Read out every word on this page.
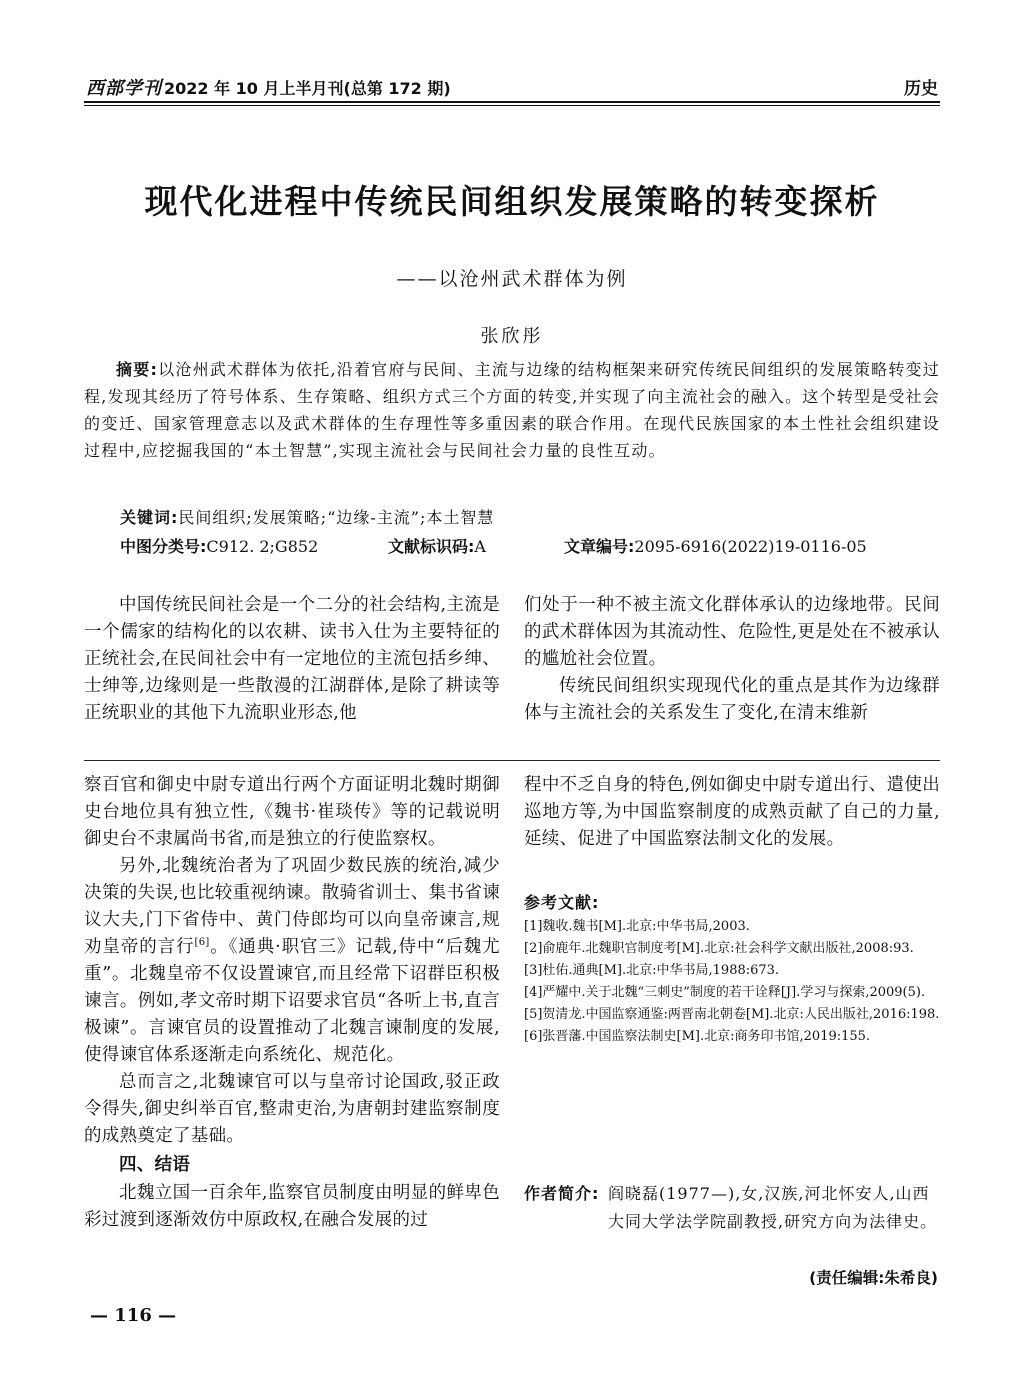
西部学刊 2022 年 10 月上半月刊(总第 172 期)	历史
现代化进程中传统民间组织发展策略的转变探析
——以沧州武术群体为例
张欣彤
摘要:以沧州武术群体为依托,沿着官府与民间、主流与边缘的结构框架来研究传统民间组织的发展策略转变过程,发现其经历了符号体系、生存策略、组织方式三个方面的转变,并实现了向主流社会的融入。这个转型是受社会的变迁、国家管理意志以及武术群体的生存理性等多重因素的联合作用。在现代民族国家的本土性社会组织建设过程中,应挖掘我国的“本土智慧”,实现主流社会与民间社会力量的良性互动。
关键词:民间组织;发展策略;“边缘-主流”;本土智慧
中图分类号:C912. 2;G852	文献标识码:A	文章编号:2095-6916(2022)19-0116-05

中国传统民间社会是一个二分的社会结构,主流是一个儒家的结构化的以农耕、读书入仕为主要特征的正统社会,在民间社会中有一定地位的主流包括乡绅、士绅等,边缘则是一些散漫的江湖群体,是除了耕读等正统职业的其他下九流职业形态,他

们处于一种不被主流文化群体承认的边缘地带。民间的武术群体因为其流动性、危险性,更是处在不被承认的尴尬社会位置。

传统民间组织实现现代化的重点是其作为边缘群体与主流社会的关系发生了变化,在清末维新

察百官和御史中尉专道出行两个方面证明北魏时期御史台地位具有独立性,《魏书·崔琰传》等的记载说明御史台不隶属尚书省,而是独立的行使监察权。

另外,北魏统治者为了巩固少数民族的统治,减少决策的失误,也比较重视纳谏。散骑省训士、集书省谏议大夫,门下省侍中、黄门侍郎均可以向皇帝谏言,规劝皇帝的言行[6]。《通典·职官三》记载,侍中“后魏尤重”。北魏皇帝不仅设置谏官,而且经常下诏群臣积极谏言。例如,孝文帝时期下诏要求官员“各听上书,直言极谏”。言谏官员的设置推动了北魏言谏制度的发展,使得谏官体系逐渐走向系统化、规范化。

总而言之,北魏谏官可以与皇帝讨论国政,驳正政令得失,御史纠举百官,整肃吏治,为唐朝封建监察制度的成熟奠定了基础。

四、结语

北魏立国一百余年,监察官员制度由明显的鲜卑色彩过渡到逐渐效仿中原政权,在融合发展的过

程中不乏自身的特色,例如御史中尉专道出行、遣使出巡地方等,为中国监察制度的成熟贡献了自己的力量,延续、促进了中国监察法制文化的发展。

参考文献:
[1]魏收.魏书[M].北京:中华书局,2003.
[2]俞鹿年.北魏职官制度考[M].北京:社会科学文献出版社,2008:93.
[3]杜佑.通典[M].北京:中华书局,1988:673.
[4]严耀中.关于北魏“三刺史”制度的若干诠释[J].学习与探索,2009(5).
[5]贺清龙.中国监察通鉴:两晋南北朝卷[M].北京:人民出版社,2016:198.
[6]张晋藩.中国监察法制史[M].北京:商务印书馆,2019:155.
作者简介: 阎晓磊(1977—),女,汉族,河北怀安人,山西大同大学法学院副教授,研究方向为法律史。
(责任编辑:朱希良)
— 116 —
